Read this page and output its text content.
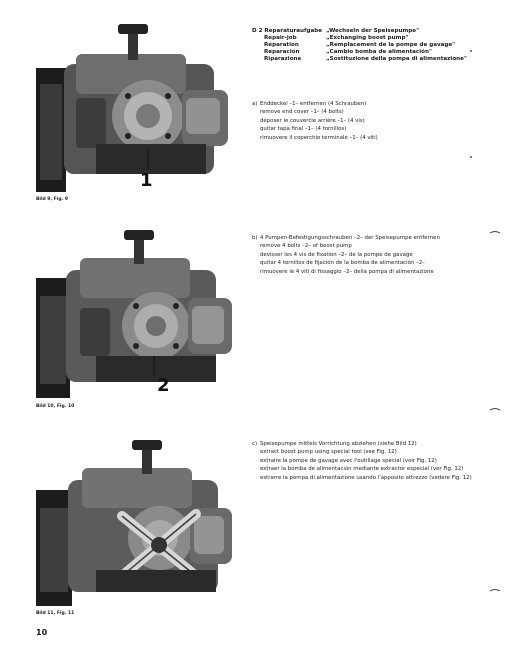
1
Bild 9, Fig. 9
2
Bild 10, Fig. 10
Bild 11, Fig. 11
D 2 Reparaturaufgabe „Wechseln der Speisepumpe"
Repair-job	„Exchanging boost pump"
Réparation	„Remplacement de la pompe de gavage"
Reparación	„Cambio bomba de alimentación"
Riparazione	„Sostituzione della pompa di alimentazione"

a) Enddeckel –1– entfernen (4 Schrauben)

remove end cover –1– (4 bolts)

déposer le couvercle arrière –1– (4 vis)

quitar tapa final –1– (4 tornillos)

rimuovere il coperchio terminale –1– (4 viti)

b) 4 Pumpen-Befestigungsschrauben –2– der Speisepumpe entfernen

remove 4 bolts –2– of boost pump

devisser les 4 vis de fixation –2– de la pompe de gavage

quitar 4 tornillos de fijación de la bomba de alimentación –2–

rimuovere le 4 viti di fissaggio –2– della pompa di alimentazione

c) Speisepumpe mittels Vorrichtung abziehen (siehe Bild 12)

extract boost pump using special tool (see Fig. 12)

extraire la pompe de gavage avec l'outillage spécial (voir Fig. 12)

extraer la bomba de alimentación mediante extractor especial (ver Fig. 12)

estrarre la pompa di alimentazione usando l'apposito attrezzo (vedere Fig. 12)

10
